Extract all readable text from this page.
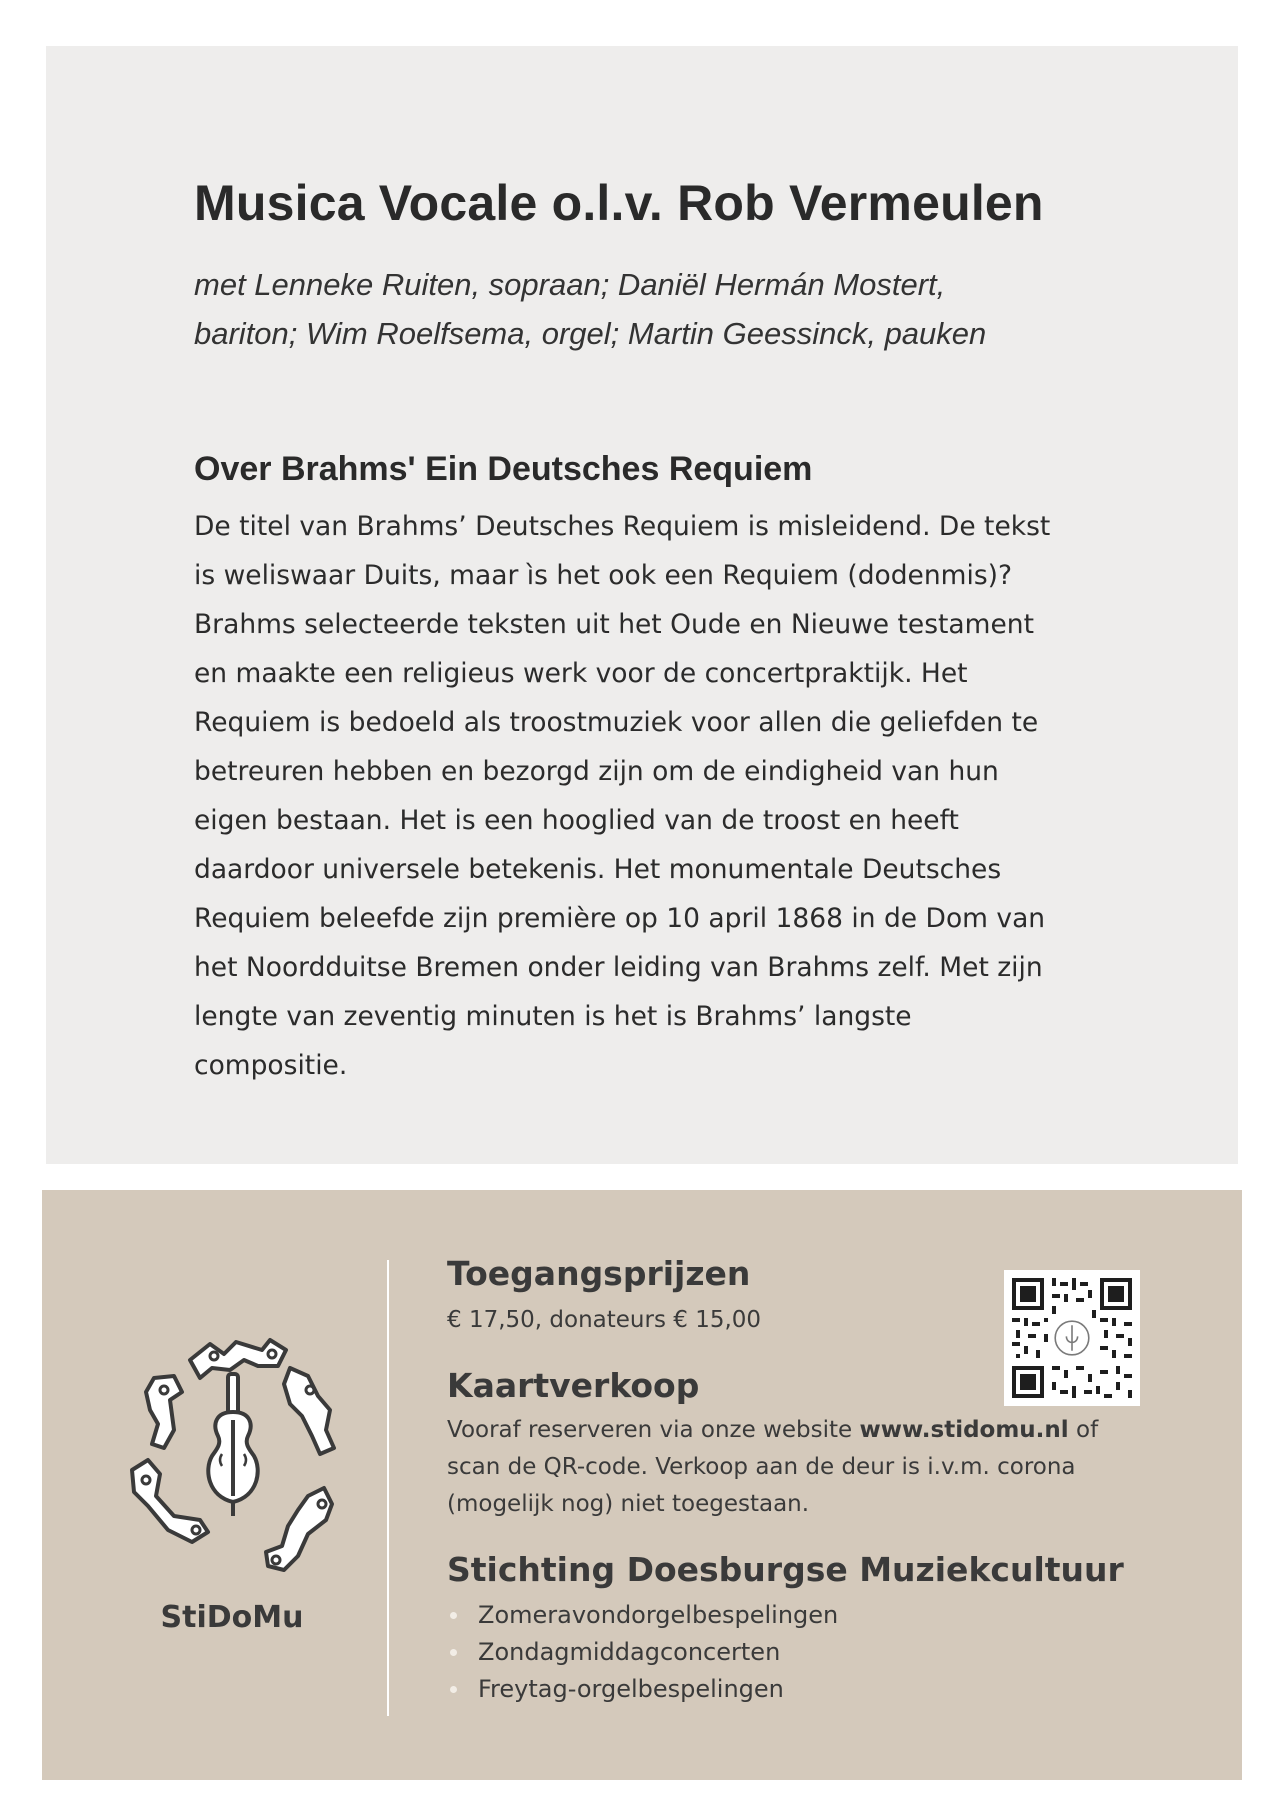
Musica Vocale o.l.v. Rob Vermeulen

met Lenneke Ruiten, sopraan; Daniël Hermán Mostert,
bariton; Wim Roelfsema, orgel; Martin Geessinck, pauken

Over Brahms' Ein Deutsches Requiem

De titel van Brahms’ Deutsches Requiem is misleidend. De tekst
is weliswaar Duits, maar ìs het ook een Requiem (dodenmis)?
Brahms selecteerde teksten uit het Oude en Nieuwe testament
en maakte een religieus werk voor de concertpraktijk. Het
Requiem is bedoeld als troostmuziek voor allen die geliefden te
betreuren hebben en bezorgd zijn om de eindigheid van hun
eigen bestaan. Het is een hooglied van de troost en heeft
daardoor universele betekenis. Het monumentale Deutsches
Requiem beleefde zijn première op 10 april 1868 in de Dom van
het Noordduitse Bremen onder leiding van Brahms zelf. Met zijn
lengte van zeventig minuten is het is Brahms’ langste
compositie.

StiDoMu
Toegangsprijzen

€ 17,50, donateurs € 15,00

Kaartverkoop

Vooraf reserveren via onze website www.stidomu.nl of
scan de QR-code. Verkoop aan de deur is i.v.m. corona
(mogelijk nog) niet toegestaan.

Stichting Doesburgse Muziekcultuur
Zomeravondorgelbespelingen
Zondagmiddagconcerten
Freytag-orgelbespelingen
